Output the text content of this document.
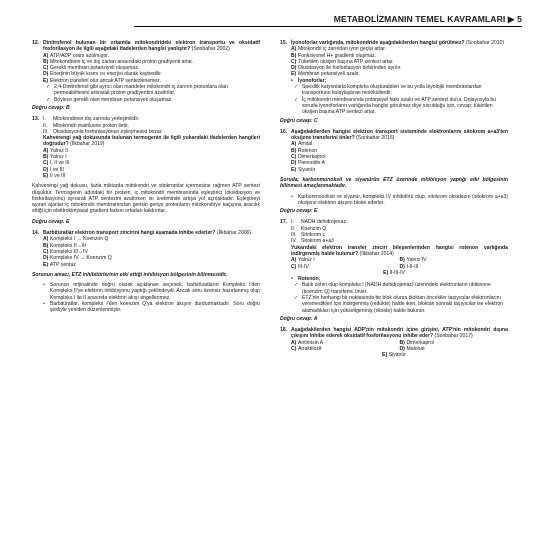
METABOLİZMANIN TEMEL KAVRAMLARI ▶ 5
12. Dinitrofenol bulunan bir ortamda mitokondrideki elektron transportu ve oksidatif fosforilasyon ile ilgili aşağıdaki ifadelerden hangisi yanlıştır? (Sonbahar 2002)
A) ATP/ADP oranı azalmıştır.
B) Mitokondrinin iç ve dış zarları arasındaki proton gradiyenti artar.
C) Gerekli membran potansiyeli oluşamaz.
D) Enerjinin büyük kısmı ısı enerjisi olarak kaybedilir.
E) Elektron transferi olur ancak ATP sentezlenemez.
✓ 2,4-Dinitrofenol gibi ayrıcı olan maddeler mitokondri iç zarının protonlara olan permeabilitesini artırarak proton gradiyentini azaltırlar.
✓ Böylece gerekli olan membran potansiyeli oluşamaz.
Doğru cevap: B
13. I.	Mitokondrinin dış zarında yerleşimlidir.
II.	Mitokondri matriksine proton iletir.
III. Oksidasyonla fosforilasyonun eşleşmesini bozar.
Kahverengi yağ dokusunda bulunan termogenin ile ilgili yukarıdaki ifadelerden hangileri doğrudur? (İlkbahar 2019)
A) Yalnız II
B) Yalnız I
C) I, II ve III
D) I ve III
E) II ve III
Kahverengi yağ dokusu, fazla miktarda mitokondri ve sitokromlar içermesine rağmen ATP sentezi düşüktür. Termogenin adındaki bir protein, iç mitokondri membranında eşleştirici (oksidasyon ve fosforilasyonu) ayırarak ATP sentezini azaltırken ısı üretiminde artışa yol açmaktadır. Eşleştireyi ayıran ajanlar iç mitokondri membranından gerisin geriye protonların mitokondriye kaçışına aracılık ettiği için elektrokimyasal gradient farkını ortadan kaldırırlar.
Doğru cevap: E
14. Barbitüratlar elektron transport zincirini hangi aşamada inhibe ederler? (İlkbahar 2006)
A) Kompleks I → Koenzim Q
B) Kompleks II→III
C) Kompleks III→IV
D) Kompleks IV → Koenzim Q
E) ATP sentaz
Sorunun amacı, ETZ inhibitörlerinin etki ettiği inhibisyon bölgesinin bilinmesidir.
•	Sorunun orijinalinde doğru olarak açıklanan seçenek, barbitüratların Kompleks I'den Kompleks II'ye elektron inhibisyonu yaptığı şeklindeydi. Ancak soru özensiz hazırlanmış olup Kompleks I ile II arasında elektron akışı engellenmez.
•	Barbitüratlar, kompleks I'den koenzim Q'ya elektron akışını durdurmaktadır. Soru doğru şekliyle yeniden düzenlenmiştir.
15. İyonoforlar varlığında, mitokondride aşağıdakilerden hangisi görülmez? (Sonbahar 2010)
A) Mitokondri iç zarından iyon geçişi artar.
B) Fonksiyonel H+ gradienti oluşmaz.
C) Tüketilen oksijen başına ATP sentezi artar.
D) Oksidasyon ile fosforilasyon birbirinden ayrılır.
E) Membran potansiyeli azalır.
•	İyonoforlar;
✓ Spesifik katyonlarla kompleks oluşturabilen ve bu yolla biyolojik membranlardan transportunu kolaylaştıran moleküllerdir.
✓ İç mitokondri membranında potansiyel farkı azalır ve ATP sentezi durur. Dolayısıyla bu soruda iyonoforların varlığında hangisi görülmez diye sorulduğu için, cevap; tüketilen oksijen başına ATP sentezi artar.
Doğru cevap: C
16. Aşağıdakilerden hangisi elektron transport sisteminde elektronlarını sitokrom a+a3'ten oksijene transferini önler? (Sonbahar 2016)
A) Amital
B) Rotenon
C) Dimerkaprol
D) Pieresidin A
E) Siyanür
Soruda, karbonmonoksit ve siyanürün ETZ üzerinde inhibisyon yaptığı etki bölgesinin bilinmesi amaçlanmaktadır.
•	Karbonmonoksit ve siyanür, kompleks IV inhibitörü olup, sitokrom oksidazın (sitokrom a+a3) oksijene elektron akışını bloke ederler.
Doğru cevap: E
17. I.	NADH dehidrojenaz
II.	Koenzim Q
III. Sitokrom c
IV. Sitokrom a+a3
Yukarıdaki elektron transfer zinciri bileşenlerinden hangisi rotenon varlığında indirgenmiş halde bulunur? (İlkbahar 2014)
A) Yalnız I	B) Yalnız IV
C) III-IV	D) I-II-III
E) II-III-IV
•	Rotenon;
✓ Balık zehiri olup kompleks I (NADH dehidrojenaz) üzerindeki elektronların ubikinone (koenzim Q) transferini önler.
✓ ETZ'nin herhangi bir noktasında bir blok olursa bloktan öncekiler taşıyıcılar elektronlarını veremedikleri için indirgenmiş (redükte) halde iken, bloktan sonraki taşıyıcılar ise elektron alamadıkları için yükseltgenmiş (okside) halde bulunur.
Doğru cevap: A
18. Aşağıdakilerden hangisi ADP'nin mitokondri içine girişini, ATP'nin mitokondri dışına çıkışını inhibe ederek oksidatif fosforilasyonu inhibe eder? (Sonbahar 2017)
A) Antimisin A	B) Dimerkaprol
C) Atraktilozit	D) Malonat
E) Siyanür
